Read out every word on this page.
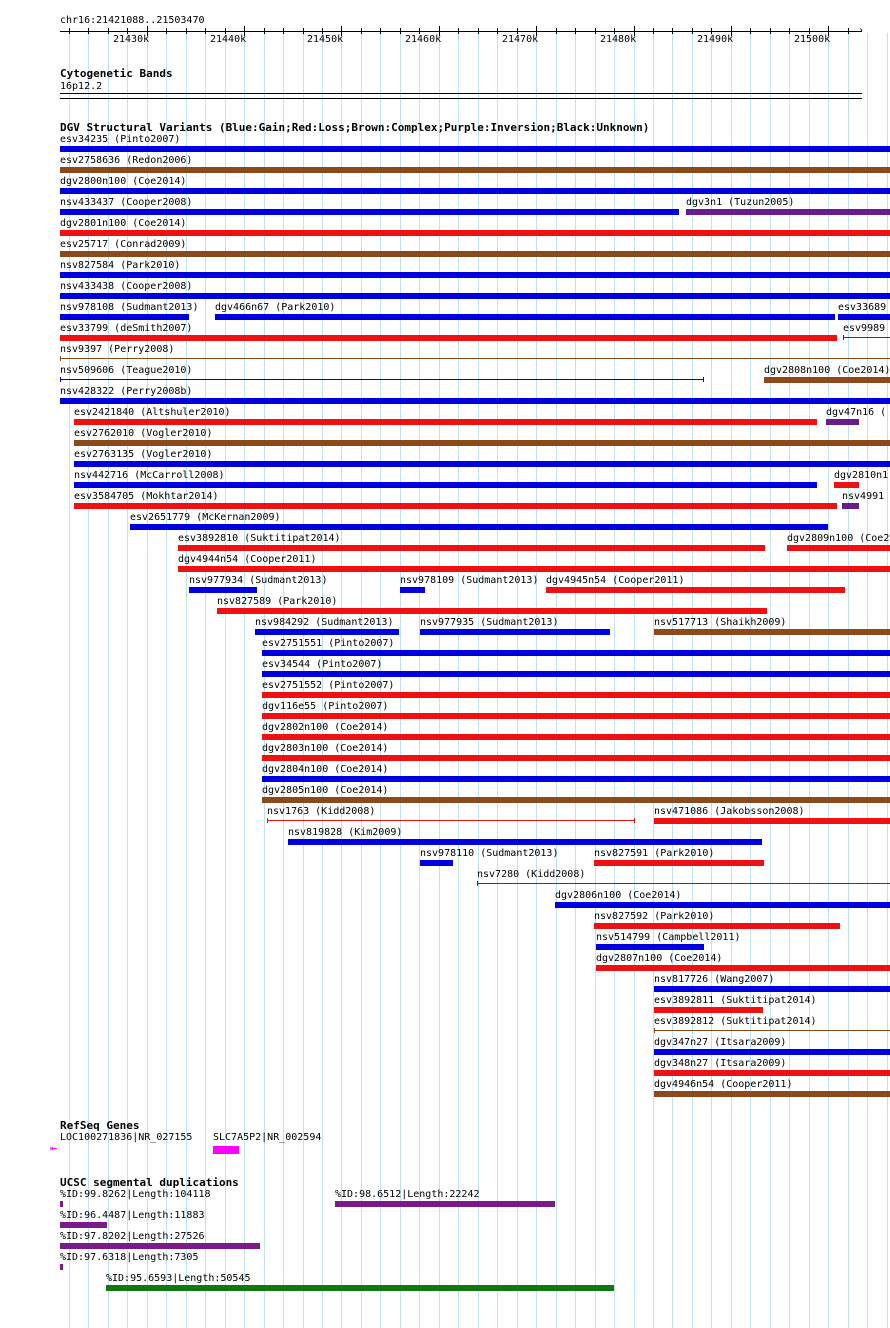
chr16:21421088..21503470
21430k	21440k	21450k	21460k	21470k	21480k	21490k	21500k
›
Cytogenetic Bands
16p12.2
DGV Structural Variants (Blue:Gain;Red:Loss;Brown:Complex;Purple:Inversion;Black:Unknown)
RefSeq Genes
UCSC segmental duplications
esv34235 (Pinto2007)
esv2758636 (Redon2006)
dgv2800n100 (Coe2014)
nsv433437 (Cooper2008)	dgv3n1 (Tuzun2005)
dgv2801n100 (Coe2014)
esv25717 (Conrad2009)
nsv827584 (Park2010)
nsv433438 (Cooper2008)
nsv978108 (Sudmant2013) dgv466n67 (Park2010)	esv33689
esv33799 (deSmith2007)	esv9989
nsv9397 (Perry2008)
nsv509606 (Teague2010)	dgv2808n100 (Coe2014)
nsv428322 (Perry2008b)
esv2421840 (Altshuler2010)	dgv47n16 (
esv2762010 (Vogler2010)
esv2763135 (Vogler2010)
nsv442716 (McCarroll2008)	dgv2810n1
esv3584705 (Mokhtar2014)	nsv4991
esv2651779 (McKernan2009)
esv3892810 (Suktitipat2014)	dgv2809n100 (Coe2
dgv4944n54 (Cooper2011)
nsv977934 (Sudmant2013)	nsv978109 (Sudmant2013) dgv4945n54 (Cooper2011)
nsv827589 (Park2010)
nsv984292 (Sudmant2013)	nsv977935 (Sudmant2013)	nsv517713 (Shaikh2009)
esv2751551 (Pinto2007)
esv34544 (Pinto2007)
esv2751552 (Pinto2007)
dgv116e55 (Pinto2007)
dgv2802n100 (Coe2014)
dgv2803n100 (Coe2014)
dgv2804n100 (Coe2014)
dgv2805n100 (Coe2014)
nsv1763 (Kidd2008)	nsv471086 (Jakobsson2008)
nsv819828 (Kim2009)
nsv978110 (Sudmant2013)	nsv827591 (Park2010)
nsv7280 (Kidd2008)
dgv2806n100 (Coe2014)
nsv827592 (Park2010)
nsv514799 (Campbell2011)
dgv2807n100 (Coe2014)
nsv817726 (Wang2007)
esv3892811 (Suktitipat2014)
esv3892812 (Suktitipat2014)
dgv347n27 (Itsara2009)
dgv348n27 (Itsara2009)
dgv4946n54 (Cooper2011)
LOC100271836|NR_027155
⇤
SLC7A5P2|NR_002594
%ID:99.8262|Length:104118	%ID:98.6512|Length:22242
%ID:96.4487|Length:11883
%ID:97.8202|Length:27526
%ID:97.6318|Length:7305
%ID:95.6593|Length:50545
